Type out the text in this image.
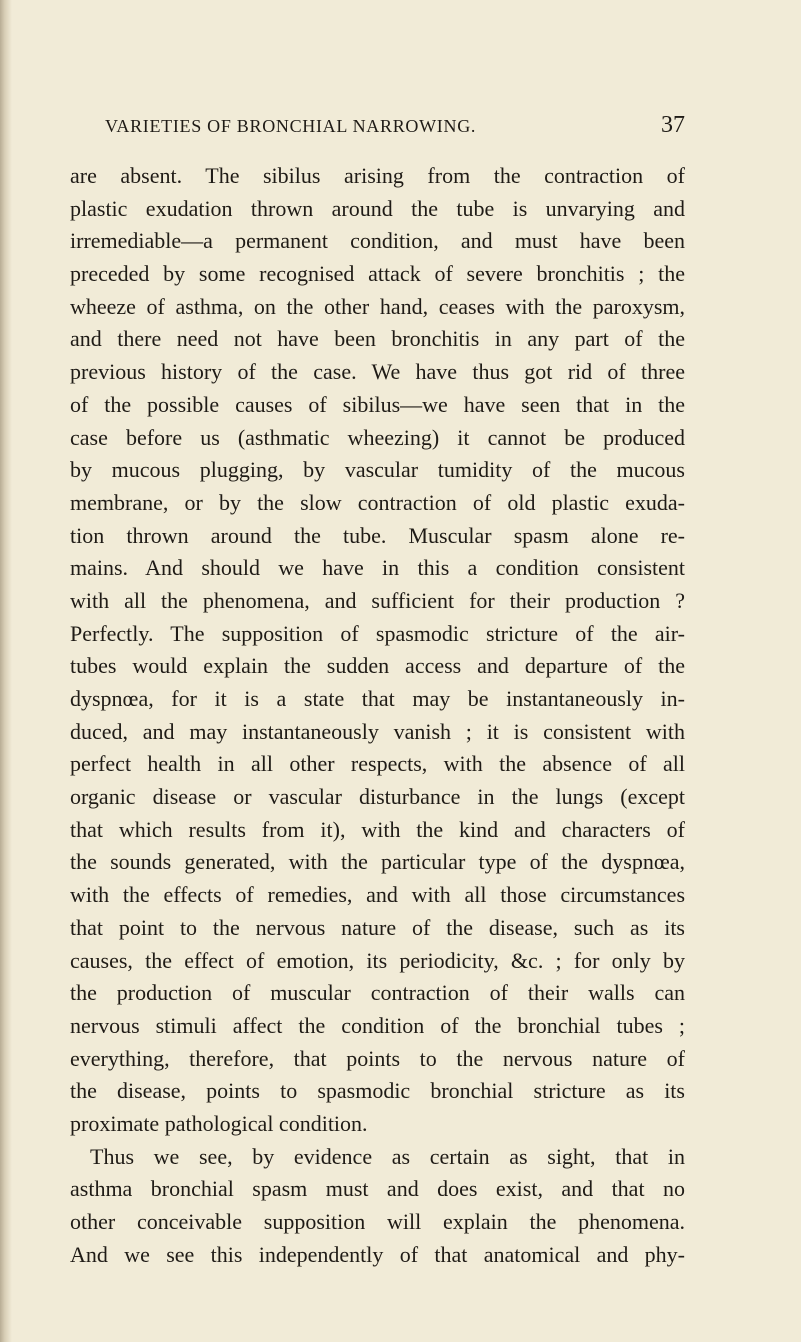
VARIETIES OF BRONCHIAL NARROWING.	37
are absent. The sibilus arising from the contraction of
plastic exudation thrown around the tube is unvarying and
irremediable—a permanent condition, and must have been
preceded by some recognised attack of severe bronchitis ; the
wheeze of asthma, on the other hand, ceases with the paroxysm,
and there need not have been bronchitis in any part of the
previous history of the case. We have thus got rid of three
of the possible causes of sibilus—we have seen that in the
case before us (asthmatic wheezing) it cannot be produced
by mucous plugging, by vascular tumidity of the mucous
membrane, or by the slow contraction of old plastic exuda-
tion thrown around the tube. Muscular spasm alone re-
mains. And should we have in this a condition consistent
with all the phenomena, and sufficient for their production ?
Perfectly. The supposition of spasmodic stricture of the air-
tubes would explain the sudden access and departure of the
dyspnœa, for it is a state that may be instantaneously in-
duced, and may instantaneously vanish ; it is consistent with
perfect health in all other respects, with the absence of all
organic disease or vascular disturbance in the lungs (except
that which results from it), with the kind and characters of
the sounds generated, with the particular type of the dyspnœa,
with the effects of remedies, and with all those circumstances
that point to the nervous nature of the disease, such as its
causes, the effect of emotion, its periodicity, &c. ; for only by
the production of muscular contraction of their walls can
nervous stimuli affect the condition of the bronchial tubes ;
everything, therefore, that points to the nervous nature of
the disease, points to spasmodic bronchial stricture as its
proximate pathological condition.
Thus we see, by evidence as certain as sight, that in
asthma bronchial spasm must and does exist, and that no
other conceivable supposition will explain the phenomena.
And we see this independently of that anatomical and phy-
